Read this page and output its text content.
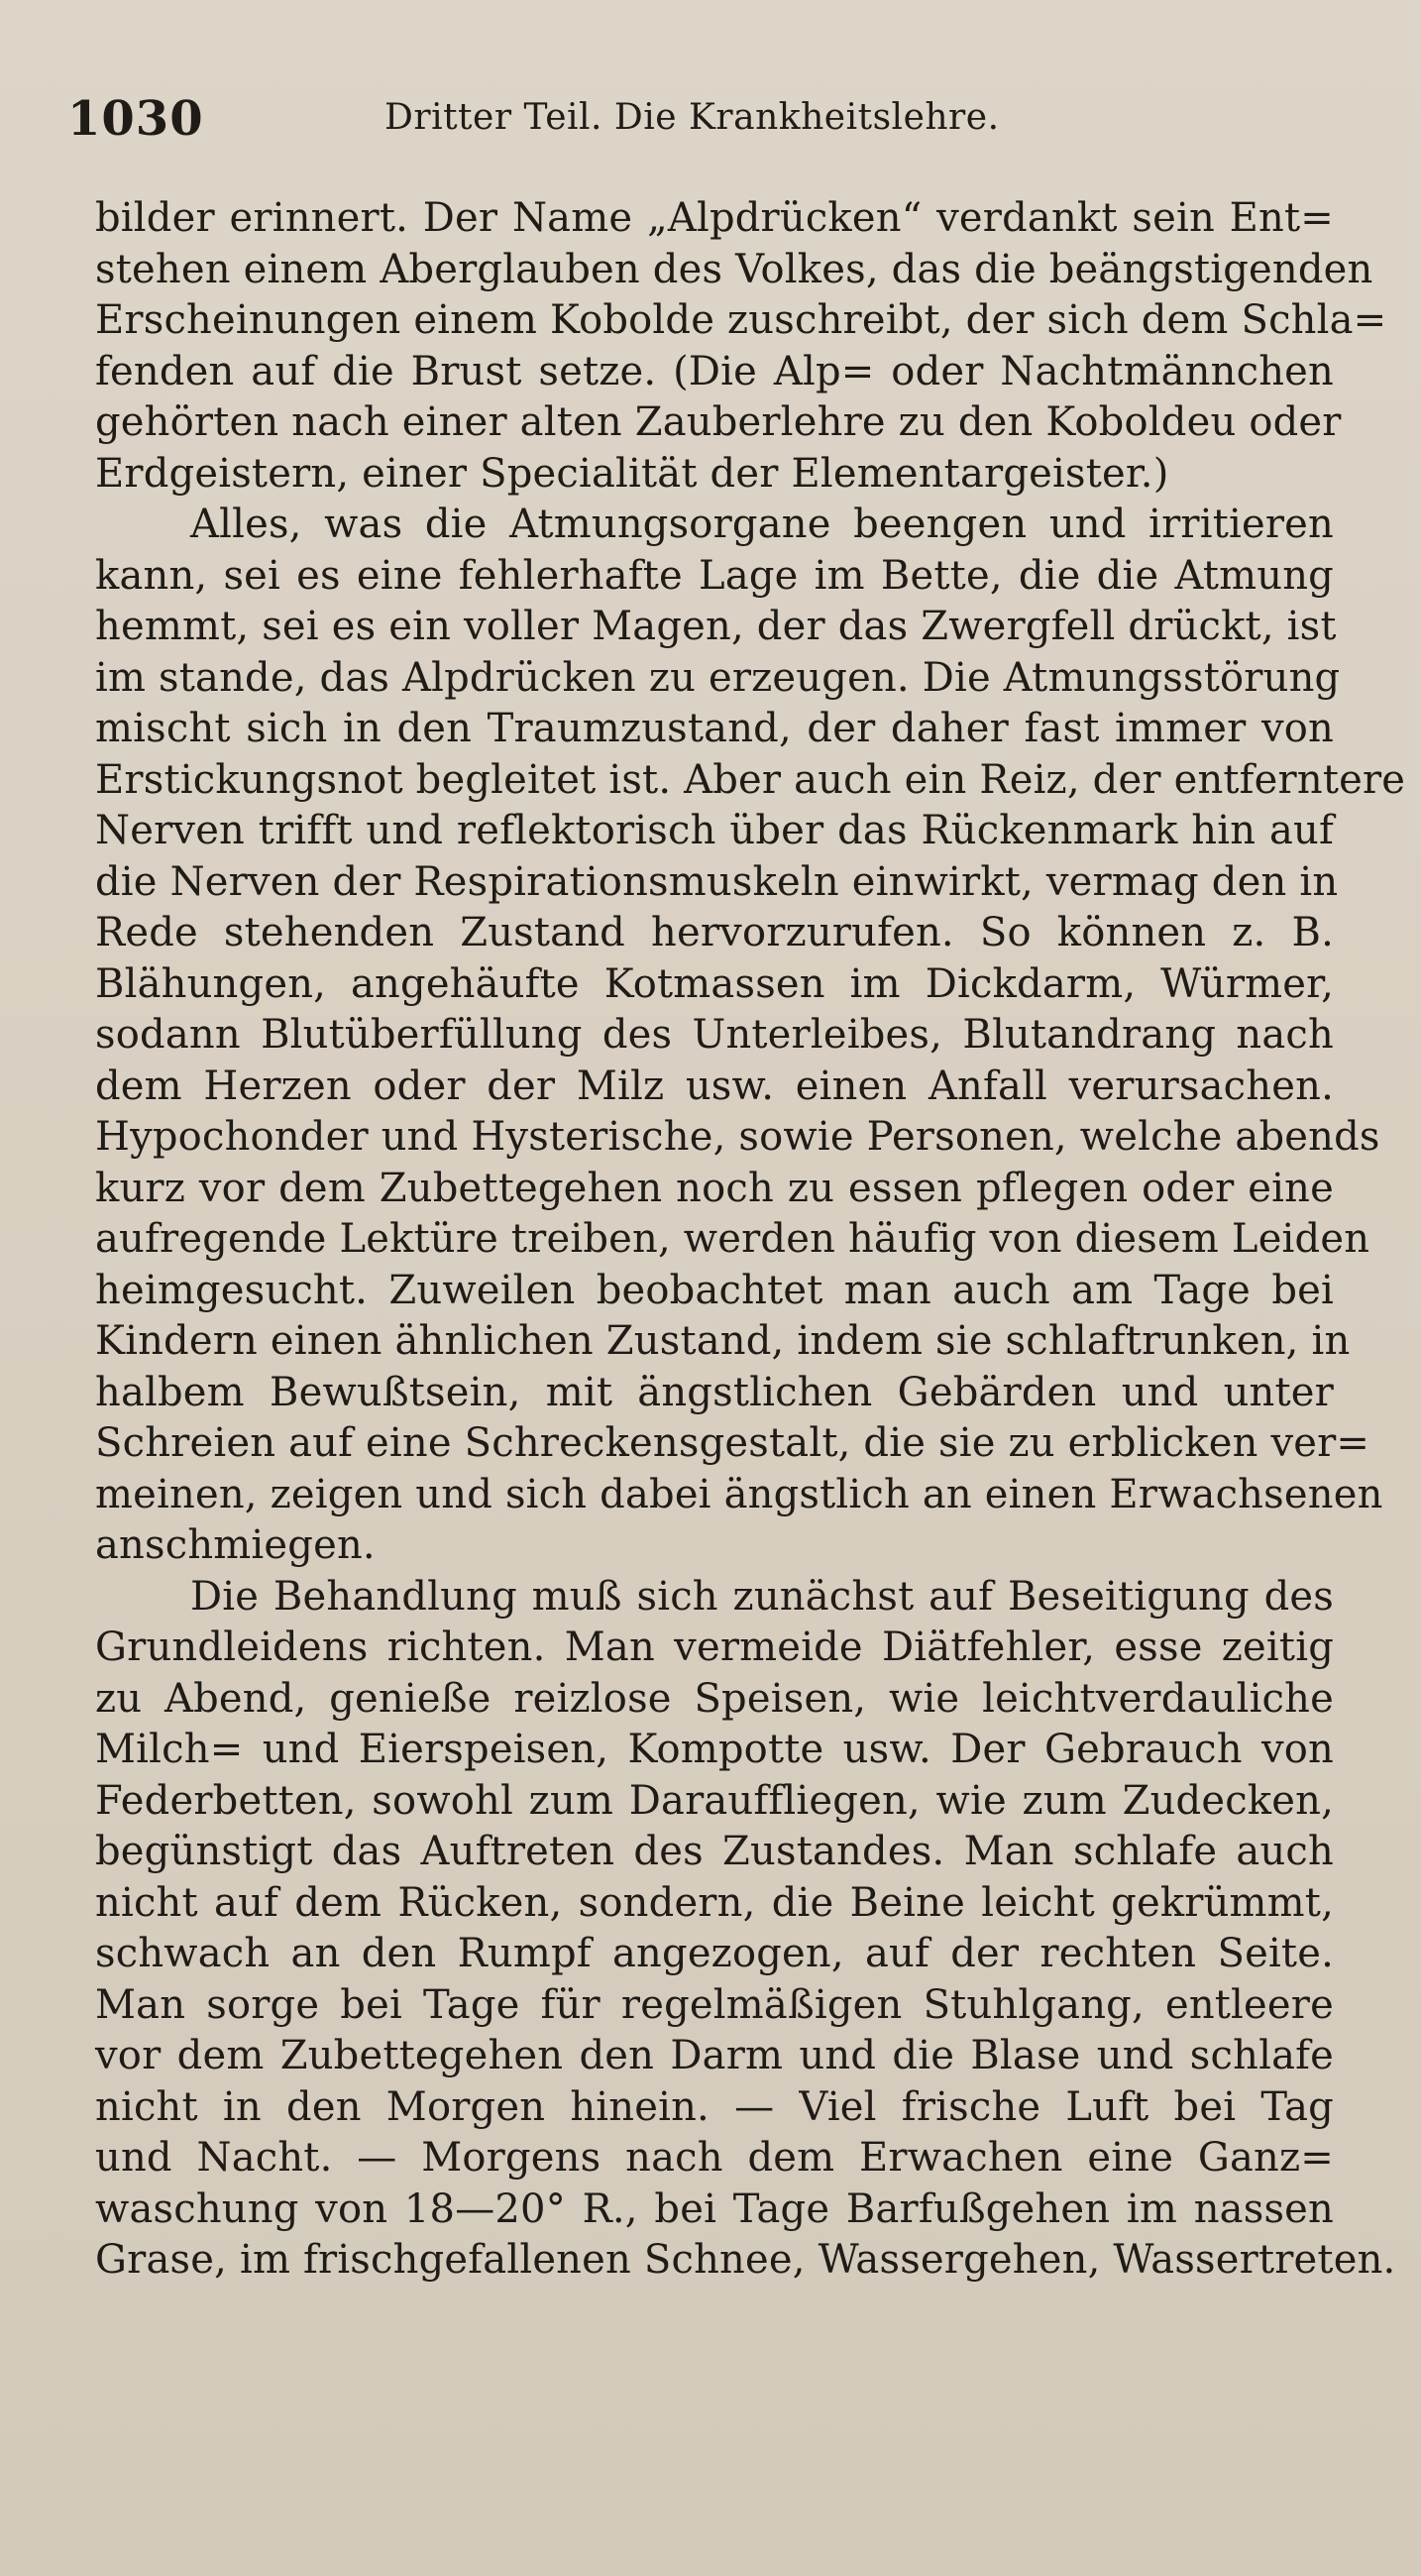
1030	Dritter Teil. Die Krankheitslehre.
bilder erinnert. Der Name „Alpdrücken“ verdankt sein Ent=
stehen einem Aberglauben des Volkes, das die beängstigenden
Erscheinungen einem Kobolde zuschreibt, der sich dem Schla=
fenden auf die Brust setze. (Die Alp= oder Nachtmännchen
gehörten nach einer alten Zauberlehre zu den Koboldeu oder
Erdgeistern, einer Specialität der Elementargeister.)
Alles, was die Atmungsorgane beengen und irritieren
kann, sei es eine fehlerhafte Lage im Bette, die die Atmung
hemmt, sei es ein voller Magen, der das Zwergfell drückt, ist
im stande, das Alpdrücken zu erzeugen. Die Atmungsstörung
mischt sich in den Traumzustand, der daher fast immer von
Erstickungsnot begleitet ist. Aber auch ein Reiz, der entferntere
Nerven trifft und reflektorisch über das Rückenmark hin auf
die Nerven der Respirationsmuskeln einwirkt, vermag den in
Rede stehenden Zustand hervorzurufen. So können z. B.
Blähungen, angehäufte Kotmassen im Dickdarm, Würmer,
sodann Blutüberfüllung des Unterleibes, Blutandrang nach
dem Herzen oder der Milz usw. einen Anfall verursachen.
Hypochonder und Hysterische, sowie Personen, welche abends
kurz vor dem Zubettegehen noch zu essen pflegen oder eine
aufregende Lektüre treiben, werden häufig von diesem Leiden
heimgesucht. Zuweilen beobachtet man auch am Tage bei
Kindern einen ähnlichen Zustand, indem sie schlaftrunken, in
halbem Bewußtsein, mit ängstlichen Gebärden und unter
Schreien auf eine Schreckensgestalt, die sie zu erblicken ver=
meinen, zeigen und sich dabei ängstlich an einen Erwachsenen
anschmiegen.
Die Behandlung muß sich zunächst auf Beseitigung des
Grundleidens richten. Man vermeide Diätfehler, esse zeitig
zu Abend, genieße reizlose Speisen, wie leichtverdauliche
Milch= und Eierspeisen, Kompotte usw. Der Gebrauch von
Federbetten, sowohl zum Darauffliegen, wie zum Zudecken,
begünstigt das Auftreten des Zustandes. Man schlafe auch
nicht auf dem Rücken, sondern, die Beine leicht gekrümmt,
schwach an den Rumpf angezogen, auf der rechten Seite.
Man sorge bei Tage für regelmäßigen Stuhlgang, entleere
vor dem Zubettegehen den Darm und die Blase und schlafe
nicht in den Morgen hinein. — Viel frische Luft bei Tag
und Nacht. — Morgens nach dem Erwachen eine Ganz=
waschung von 18—20° R., bei Tage Barfußgehen im nassen
Grase, im frischgefallenen Schnee, Wassergehen, Wassertreten.
